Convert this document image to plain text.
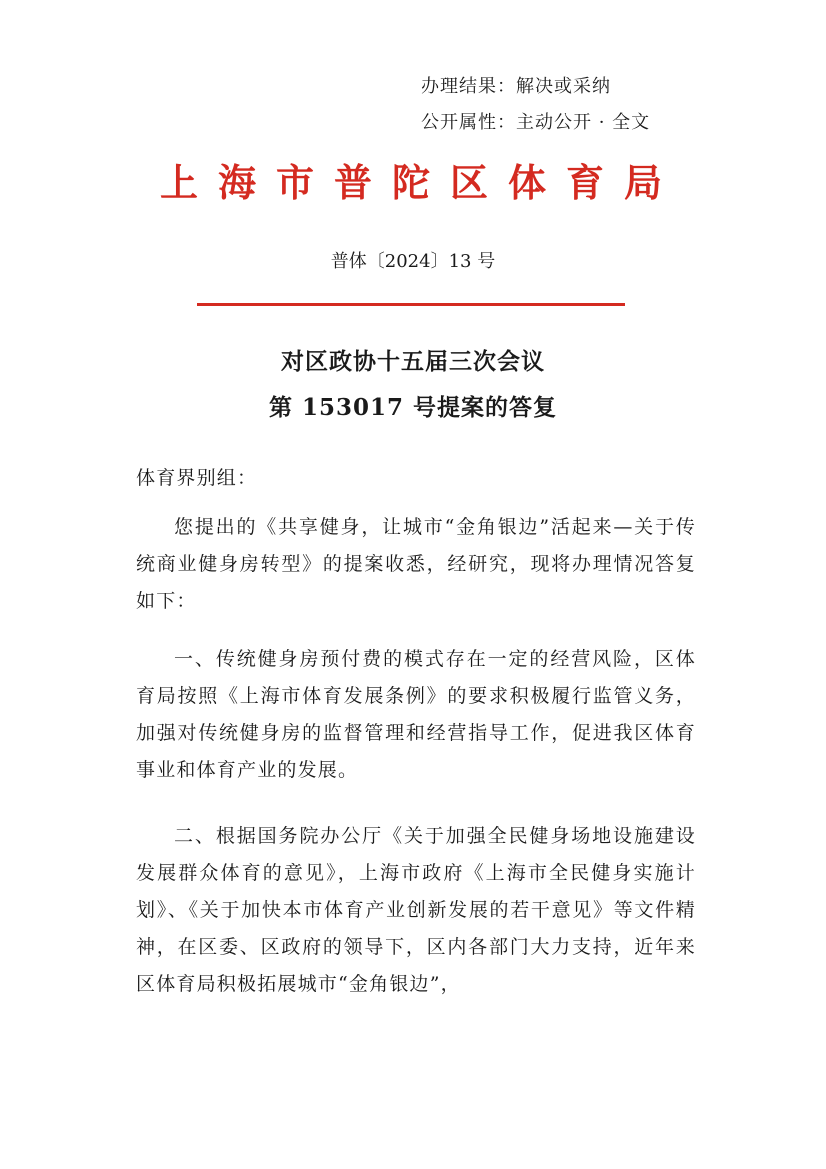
办理结果：解决或采纳
公开属性：主动公开 · 全文
上海市普陀区体育局
普体〔2024〕13 号
对区政协十五届三次会议
第 153017 号提案的答复
体育界别组：

您提出的《共享健身，让城市“金角银边”活起来—关于传统商业健身房转型》的提案收悉，经研究，现将办理情况答复如下：

一、传统健身房预付费的模式存在一定的经营风险，区体育局按照《上海市体育发展条例》的要求积极履行监管义务，加强对传统健身房的监督管理和经营指导工作，促进我区体育事业和体育产业的发展。

二、根据国务院办公厅《关于加强全民健身场地设施建设发展群众体育的意见》，上海市政府《上海市全民健身实施计划》、《关于加快本市体育产业创新发展的若干意见》等文件精神，在区委、区政府的领导下，区内各部门大力支持，近年来区体育局积极拓展城市“金角银边”，
